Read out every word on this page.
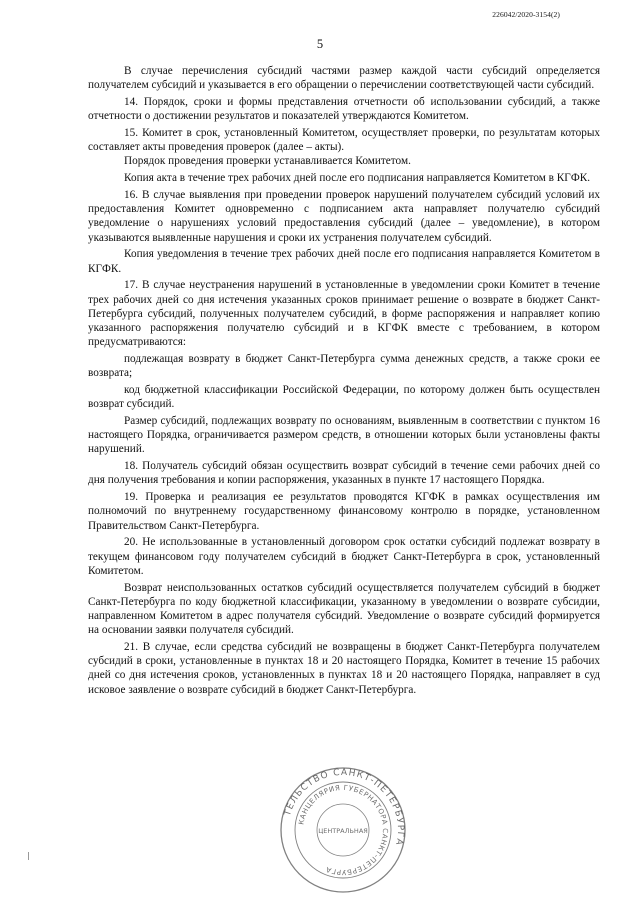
226042/2020-3154(2)
5

В случае перечисления субсидий частями размер каждой части субсидий определяется получателем субсидий и указывается в его обращении о перечислении соответствующей части субсидий.

14. Порядок, сроки и формы представления отчетности об использовании субсидий, а также отчетности о достижении результатов и показателей утверждаются Комитетом.

15. Комитет в срок, установленный Комитетом, осуществляет проверки, по результатам которых составляет акты проведения проверок (далее – акты).

Порядок проведения проверки устанавливается Комитетом.

Копия акта в течение трех рабочих дней после его подписания направляется Комитетом в КГФК.

16. В случае выявления при проведении проверок нарушений получателем субсидий условий их предоставления Комитет одновременно с подписанием акта направляет получателю субсидий уведомление о нарушениях условий предоставления субсидий (далее – уведомление), в котором указываются выявленные нарушения и сроки их устранения получателем субсидий.

Копия уведомления в течение трех рабочих дней после его подписания направляется Комитетом в КГФК.

17. В случае неустранения нарушений в установленные в уведомлении сроки Комитет в течение трех рабочих дней со дня истечения указанных сроков принимает решение о возврате в бюджет Санкт-Петербурга субсидий, полученных получателем субсидий, в форме распоряжения и направляет копию указанного распоряжения получателю субсидий и в КГФК вместе с требованием, в котором предусматриваются:

подлежащая возврату в бюджет Санкт-Петербурга сумма денежных средств, а также сроки ее возврата;

код бюджетной классификации Российской Федерации, по которому должен быть осуществлен возврат субсидий.

Размер субсидий, подлежащих возврату по основаниям, выявленным в соответствии с пунктом 16 настоящего Порядка, ограничивается размером средств, в отношении которых были установлены факты нарушений.

18. Получатель субсидий обязан осуществить возврат субсидий в течение семи рабочих дней со дня получения требования и копии распоряжения, указанных в пункте 17 настоящего Порядка.

19. Проверка и реализация ее результатов проводятся КГФК в рамках осуществления им полномочий по внутреннему государственному финансовому контролю в порядке, установленном Правительством Санкт-Петербурга.

20. Не использованные в установленный договором срок остатки субсидий подлежат возврату в текущем финансовом году получателем субсидий в бюджет Санкт-Петербурга в срок, установленный Комитетом.

Возврат неиспользованных остатков субсидий осуществляется получателем субсидий в бюджет Санкт-Петербурга по коду бюджетной классификации, указанному в уведомлении о возврате субсидии, направленном Комитетом в адрес получателя субсидий. Уведомление о возврате субсидий формируется на основании заявки получателя субсидий.

21. В случае, если средства субсидий не возвращены в бюджет Санкт-Петербурга получателем субсидий в сроки, установленные в пунктах 18 и 20 настоящего Порядка, Комитет в течение 15 рабочих дней со дня истечения сроков, установленных в пунктах 18 и 20 настоящего Порядка, направляет в суд исковое заявление о возврате субсидий в бюджет Санкт-Петербурга.

ТЕЛЬСТВО САНКТ-ПЕТЕРБУРГА
КАНЦЕЛЯРИЯ ГУБЕРНАТОРА САНКТ-ПЕТЕРБУРГА
ЦЕНТРАЛЬНАЯ
